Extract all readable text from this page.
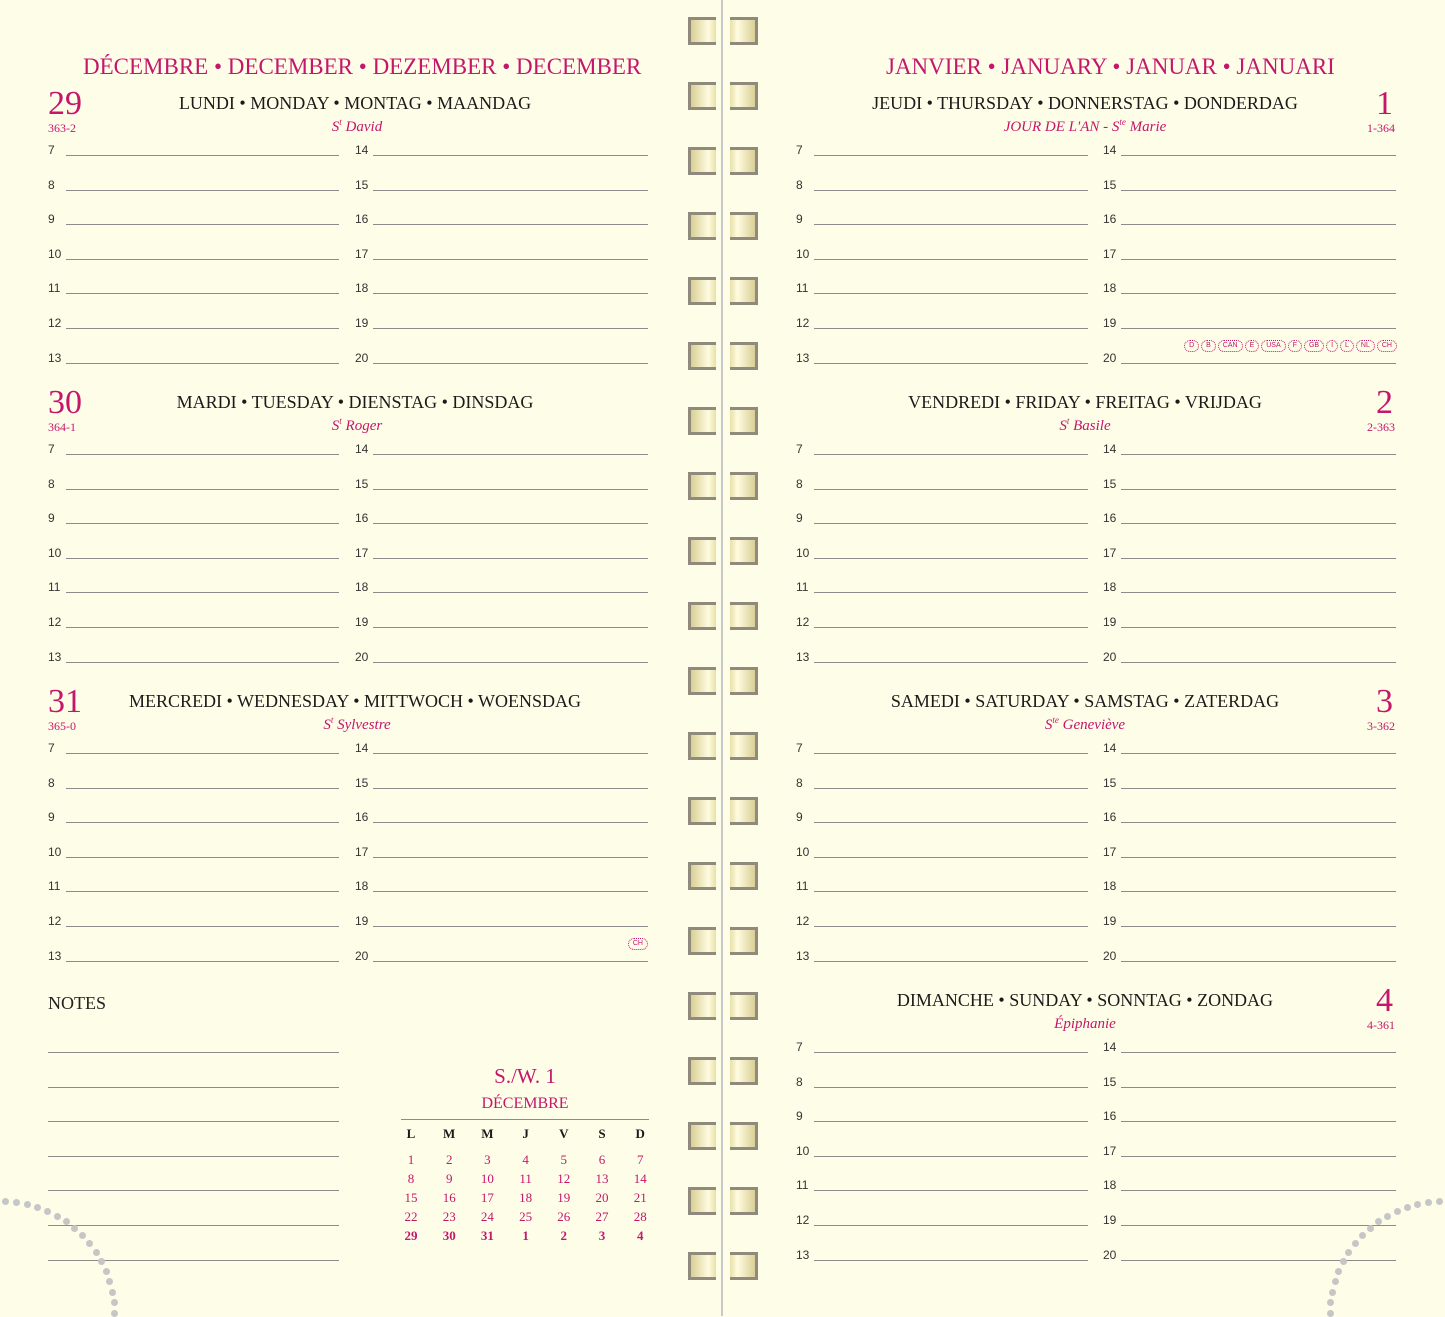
DÉCEMBRE • DECEMBER • DEZEMBER • DECEMBER
29	LUNDI • MONDAY • MONTAG • MAANDAG
$S^t$ David
363-2
7	14
8	15
9	16
10	17
11	18
12	19
13	20
30	MARDI • TUESDAY • DIENSTAG • DINSDAG
$S^t$ Roger
364-1
7	14
8	15
9	16
10	17
11	18
12	19
13	20
31	MERCREDI • WEDNESDAY • MITTWOCH • WOENSDAG
$S^t$ Sylvestre
365-0
7	14
8	15
9	16
10	17
11	18
12	19
13	20
CH
NOTES
S./W. 1
DÉCEMBRE
L	M	M	J	V	S	D
1	2	3	4	5	6	7
8	9	10	11	12	13	14
15	16	17	18	19	20	21
22	23	24	25	26	27	28
29	30	31	1	2	3	4
JANVIER • JANUARY • JANUAR • JANUARI
1
JEUDI • THURSDAY • DONNERSTAG • DONDERDAG
JOUR DE $L'AN - S^{te}$ Marie	1-364
7	14
8	15
9	16
10	17
11	18
12	19
13	20
D	B	CAN	E	USA	F	GB	I	L	NL	CH
2
VENDREDI • FRIDAY • FREITAG • VRIJDAG
$S^t$ Basile	2-363
7	14
8	15
9	16
10	17
11	18
12	19
13	20
3
SAMEDI • SATURDAY • SAMSTAG • ZATERDAG
$S^{te}$ Geneviève	3-362
7	14
8	15
9	16
10	17
11	18
12	19
13	20
4
DIMANCHE • SUNDAY • SONNTAG • ZONDAG
Épiphanie	4-361
7	14
8	15
9	16
10	17
11	18
12	19
13	20
